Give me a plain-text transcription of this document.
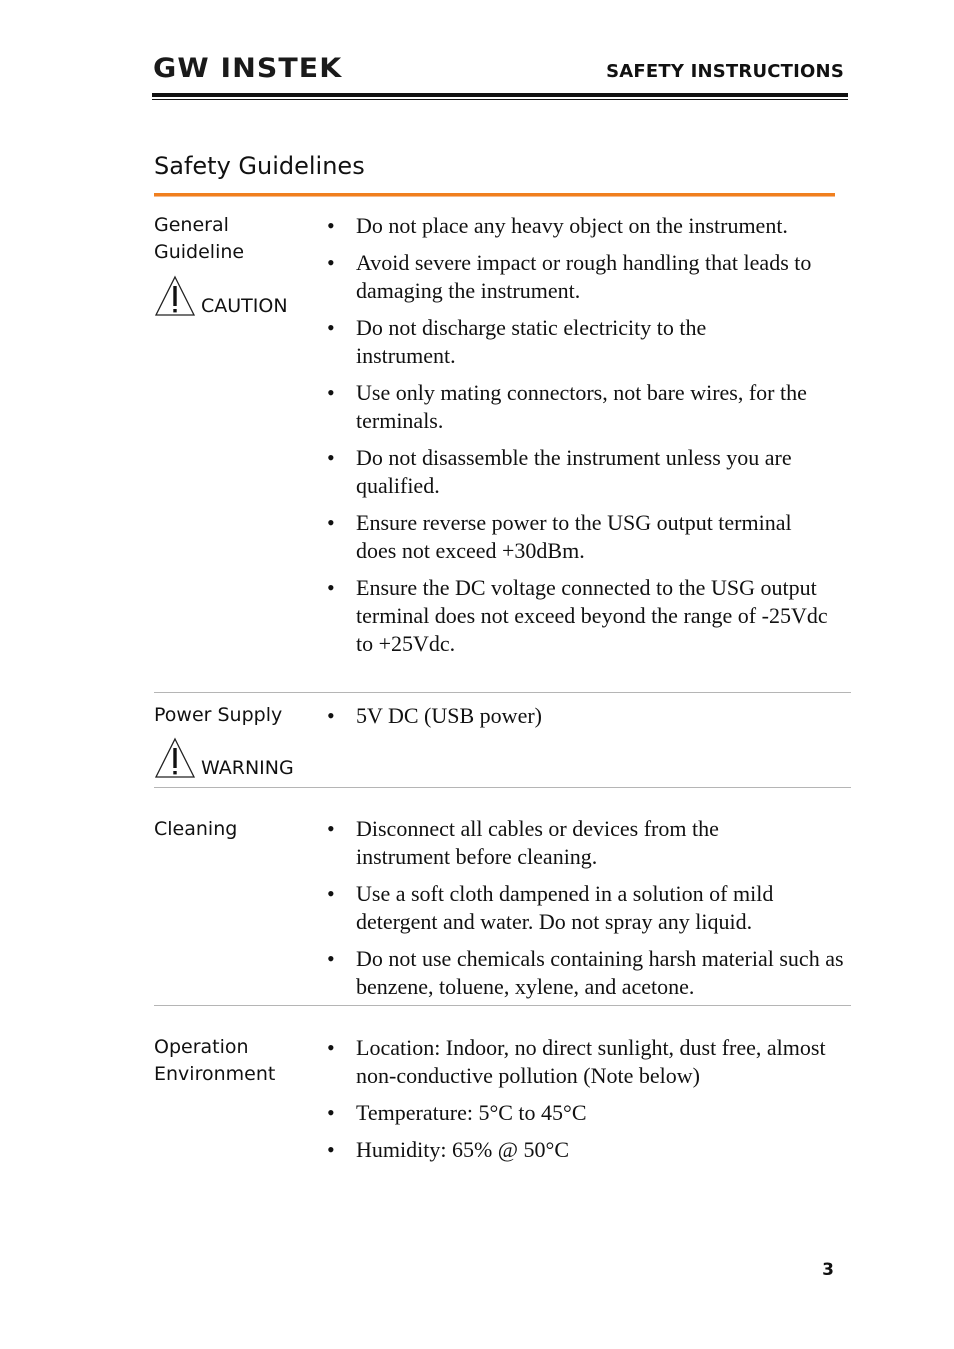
GW INSTEK	SAFETY INSTRUCTIONS
Safety Guidelines
General Guideline
CAUTION
• Do not place any heavy object on the instrument.
• Avoid severe impact or rough handling that leads to damaging the instrument.
• Do not discharge static electricity to the instrument.
• Use only mating connectors, not bare wires, for the terminals.
• Do not disassemble the instrument unless you are qualified.
• Ensure reverse power to the USG output terminal does not exceed +30dBm.
• Ensure the DC voltage connected to the USG output terminal does not exceed beyond the range of -25Vdc to +25Vdc.
Power Supply
WARNING
• 5V DC (USB power)
Cleaning
•	Disconnect all cables or devices from the instrument before cleaning.
• Use a soft cloth dampened in a solution of mild detergent and water. Do not spray any liquid.
• Do not use chemicals containing harsh material such as benzene, toluene, xylene, and acetone.
Operation Environment
• Location: Indoor, no direct sunlight, dust free, almost non-conductive pollution (Note below)
• Temperature: 5°C to 45°C
• Humidity: 65% @ 50°C
3
